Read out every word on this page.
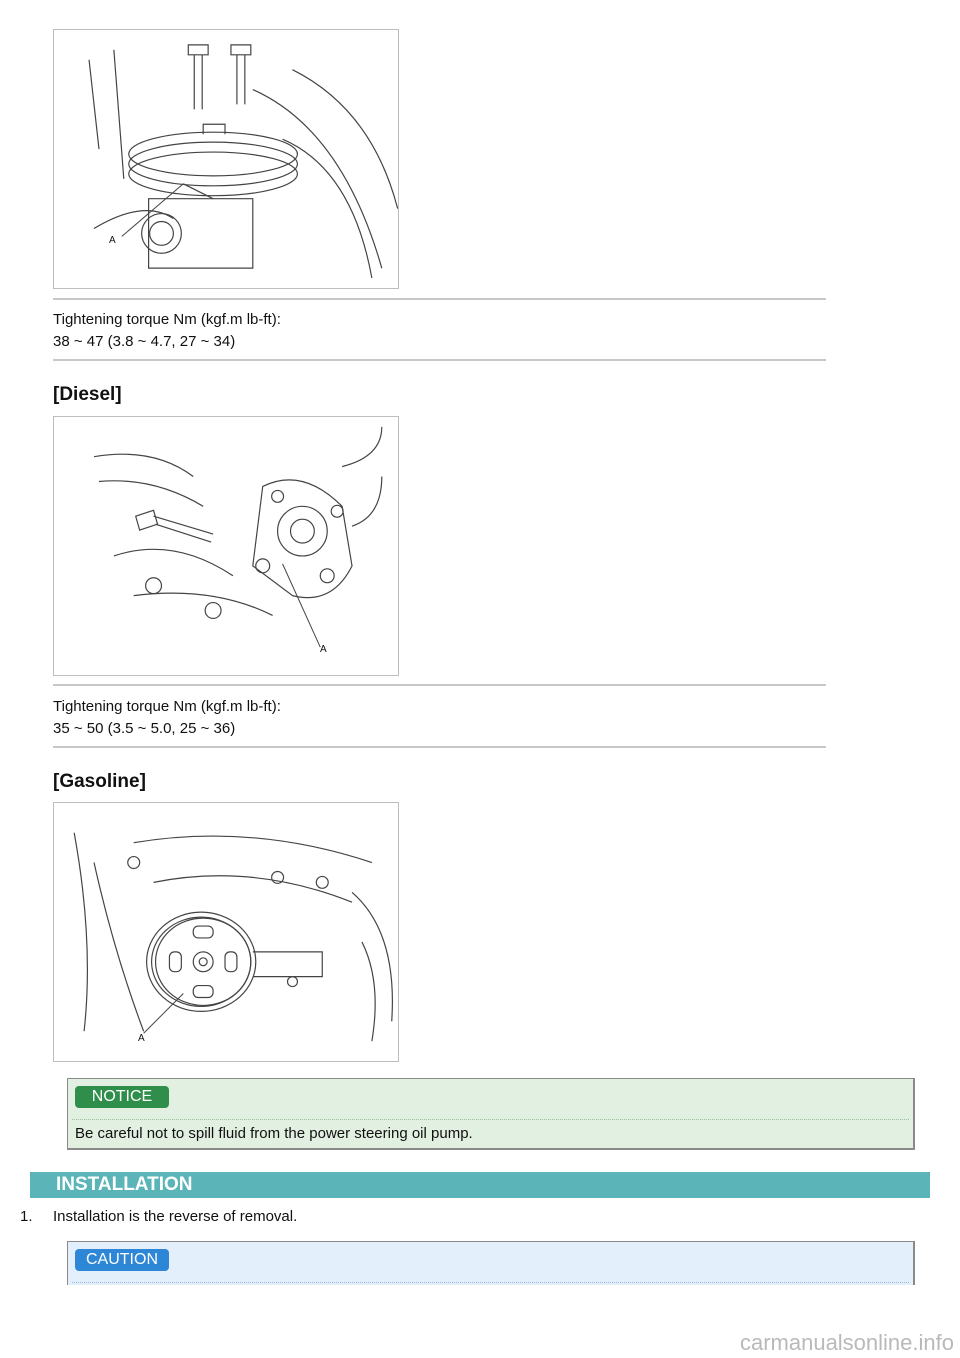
A
Tightening torque Nm (kgf.m lb-ft):
38 ~ 47 (3.8 ~ 4.7, 27 ~ 34)
[Diesel]
A
Tightening torque Nm (kgf.m lb-ft):
35 ~ 50 (3.5 ~ 5.0, 25 ~ 36)
[Gasoline]
A
NOTICE
Be careful not to spill fluid from the power steering oil pump.
INSTALLATION
1. Installation is the reverse of removal.
CAUTION
carmanualsonline.info
